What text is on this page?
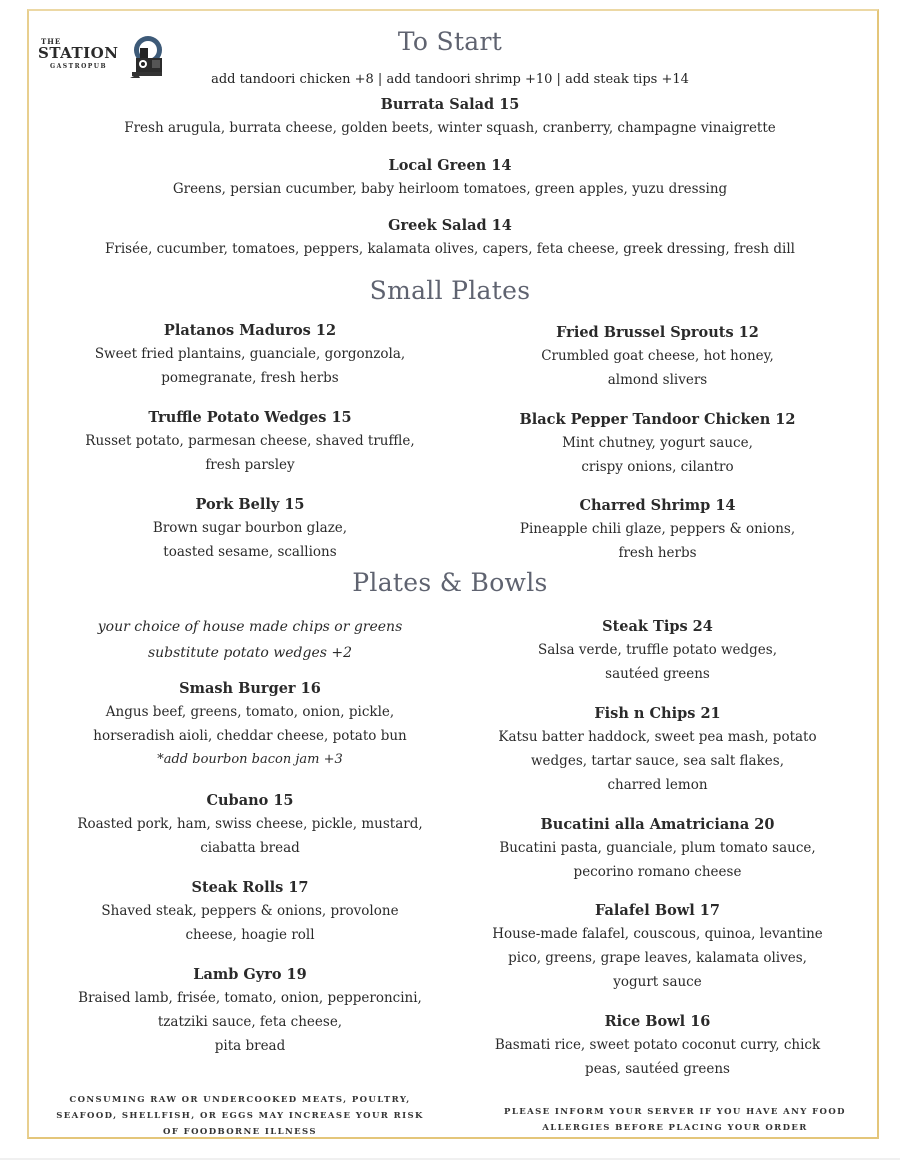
THE
STATION
GASTROPUB
To Start
add tandoori chicken +8 | add tandoori shrimp +10 | add steak tips +14
Burrata Salad 15
Fresh arugula, burrata cheese, golden beets, winter squash, cranberry, champagne vinaigrette
Local Green 14
Greens, persian cucumber, baby heirloom tomatoes, green apples, yuzu dressing
Greek Salad 14
Frisée, cucumber, tomatoes, peppers, kalamata olives, capers, feta cheese, greek dressing, fresh dill
Small Plates
Platanos Maduros 12
Sweet fried plantains, guanciale, gorgonzola,
pomegranate, fresh herbs
Truffle Potato Wedges 15
Russet potato, parmesan cheese, shaved truffle,
fresh parsley
Pork Belly 15
Brown sugar bourbon glaze,
toasted sesame, scallions
Fried Brussel Sprouts 12
Crumbled goat cheese, hot honey,
almond slivers
Black Pepper Tandoor Chicken 12
Mint chutney, yogurt sauce,
crispy onions, cilantro
Charred Shrimp 14
Pineapple chili glaze, peppers & onions,
fresh herbs
Plates & Bowls
your choice of house made chips or greens
substitute potato wedges +2
Smash Burger 16
Angus beef, greens, tomato, onion, pickle,
horseradish aioli, cheddar cheese, potato bun
*add bourbon bacon jam +3
Cubano 15
Roasted pork, ham, swiss cheese, pickle, mustard,
ciabatta bread
Steak Rolls 17
Shaved steak, peppers & onions, provolone
cheese, hoagie roll
Lamb Gyro 19
Braised lamb, frisée, tomato, onion, pepperoncini,
tzatziki sauce, feta cheese,
pita bread
Steak Tips 24
Salsa verde, truffle potato wedges,
sautéed greens
Fish n Chips 21
Katsu batter haddock, sweet pea mash, potato
wedges, tartar sauce, sea salt flakes,
charred lemon
Bucatini alla Amatriciana 20
Bucatini pasta, guanciale, plum tomato sauce,
pecorino romano cheese
Falafel Bowl 17
House-made falafel, couscous, quinoa, levantine
pico, greens, grape leaves, kalamata olives,
yogurt sauce
Rice Bowl 16
Basmati rice, sweet potato coconut curry, chick
peas, sautéed greens
CONSUMING RAW OR UNDERCOOKED MEATS, POULTRY,
SEAFOOD, SHELLFISH, OR EGGS MAY INCREASE YOUR RISK
OF FOODBORNE ILLNESS
PLEASE INFORM YOUR SERVER IF YOU HAVE ANY FOOD
ALLERGIES BEFORE PLACING YOUR ORDER
